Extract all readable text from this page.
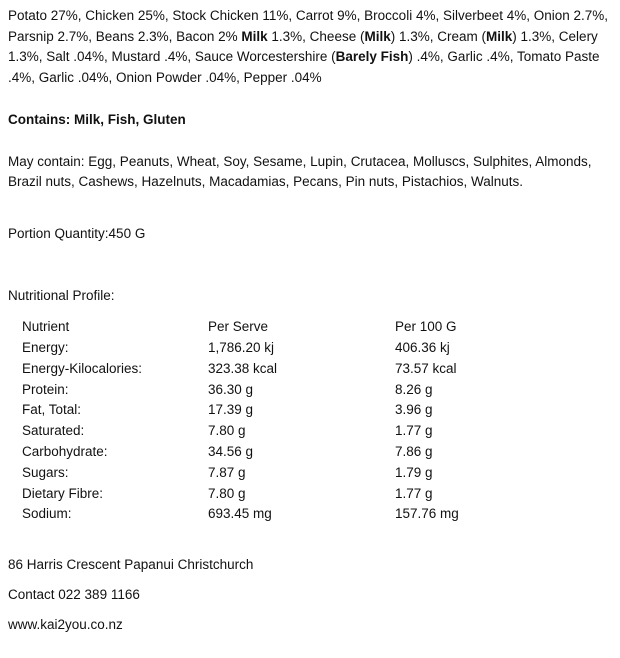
Potato 27%, Chicken 25%, Stock Chicken 11%, Carrot 9%, Broccoli 4%, Silverbeet 4%, Onion 2.7%, Parsnip 2.7%, Beans 2.3%, Bacon 2% Milk 1.3%, Cheese (Milk) 1.3%, Cream (Milk) 1.3%, Celery 1.3%, Salt .04%, Mustard .4%, Sauce Worcestershire (Barely Fish) .4%, Garlic .4%, Tomato Paste .4%, Garlic .04%, Onion Powder .04%, Pepper .04%

Contains: Milk, Fish, Gluten

May contain: Egg, Peanuts, Wheat, Soy, Sesame, Lupin, Crutacea, Molluscs, Sulphites, Almonds, Brazil nuts, Cashews, Hazelnuts, Macadamias, Pecans, Pin nuts, Pistachios, Walnuts.

Portion Quantity:450 G

Nutritional Profile:

Nutrient	Per Serve	Per 100 G
Energy:	1,786.20 kj	406.36 kj
Energy-Kilocalories:	323.38 kcal	73.57 kcal
Protein:	36.30 g	8.26 g
Fat, Total:	17.39 g	3.96 g
Saturated:	7.80 g	1.77 g
Carbohydrate:	34.56 g	7.86 g
Sugars:	7.87 g	1.79 g
Dietary Fibre:	7.80 g	1.77 g
Sodium:	693.45 mg	157.76 mg

86 Harris Crescent Papanui Christchurch

Contact 022 389 1166

www.kai2you.co.nz
